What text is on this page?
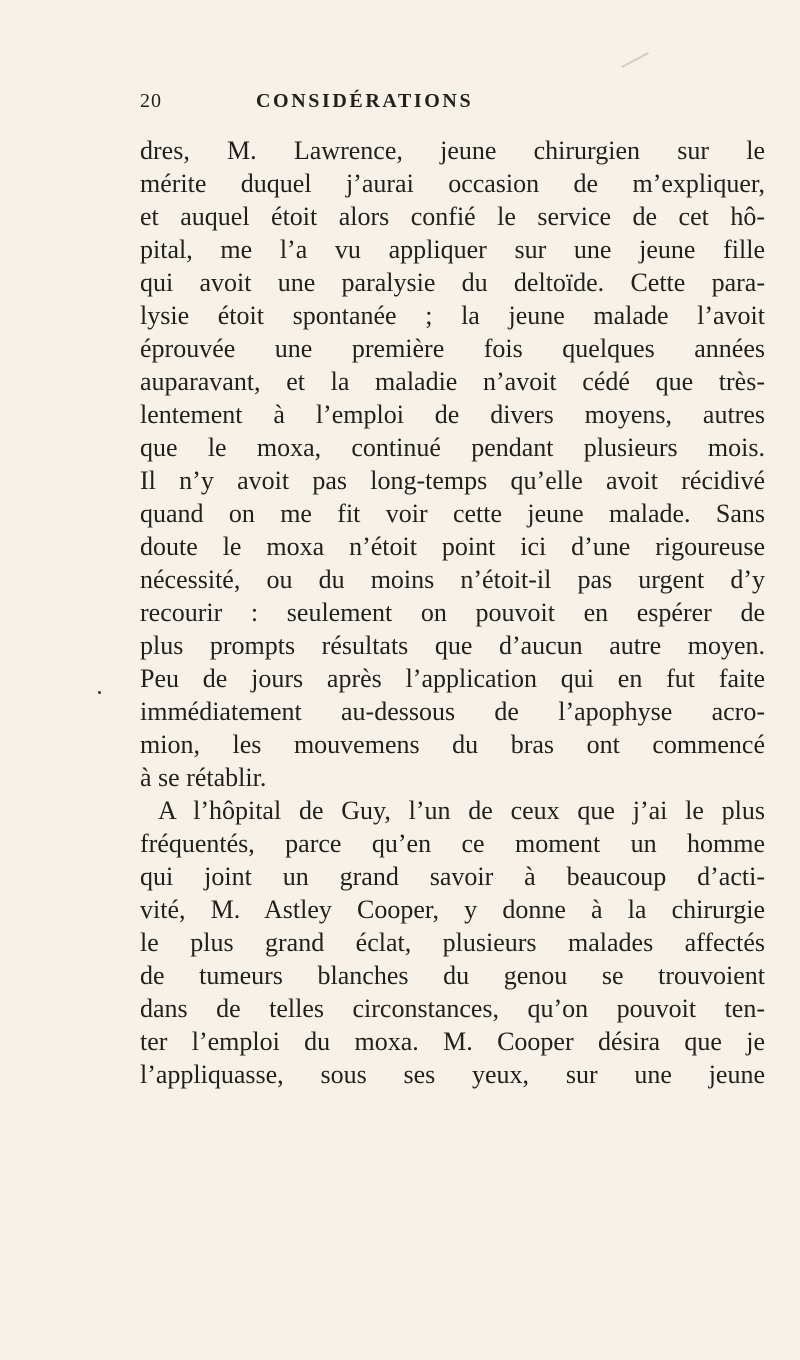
20	CONSIDÉRATIONS
dres, M. Lawrence, jeune chirurgien sur le
mérite duquel j’aurai occasion de m’expliquer,
et auquel étoit alors confié le service de cet hô-
pital, me l’a vu appliquer sur une jeune fille
qui avoit une paralysie du deltoïde. Cette para-
lysie étoit spontanée ; la jeune malade l’avoit
éprouvée une première fois quelques années
auparavant, et la maladie n’avoit cédé que très-
lentement à l’emploi de divers moyens, autres
que le moxa, continué pendant plusieurs mois.
Il n’y avoit pas long-temps qu’elle avoit récidivé
quand on me fit voir cette jeune malade. Sans
doute le moxa n’étoit point ici d’une rigoureuse
nécessité, ou du moins n’étoit-il pas urgent d’y
recourir : seulement on pouvoit en espérer de
plus prompts résultats que d’aucun autre moyen.
Peu de jours après l’application qui en fut faite
immédiatement au-dessous de l’apophyse acro-
mion, les mouvemens du bras ont commencé
à se rétablir.
A l’hôpital de Guy, l’un de ceux que j’ai le plus
fréquentés, parce qu’en ce moment un homme
qui joint un grand savoir à beaucoup d’acti-
vité, M. Astley Cooper, y donne à la chirurgie
le plus grand éclat, plusieurs malades affectés
de tumeurs blanches du genou se trouvoient
dans de telles circonstances, qu’on pouvoit ten-
ter l’emploi du moxa. M. Cooper désira que je
l’appliquasse, sous ses yeux, sur une jeune
